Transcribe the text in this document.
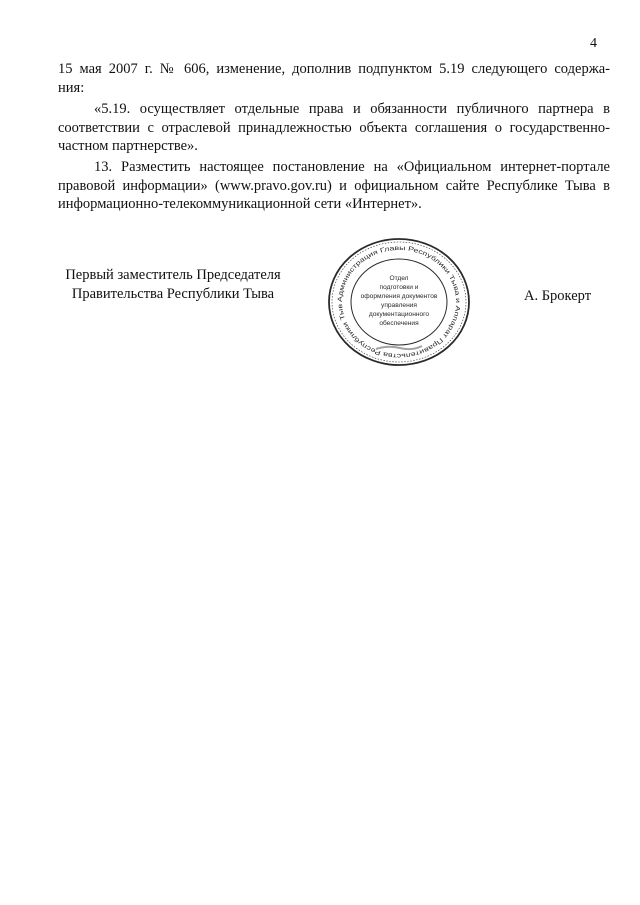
4
15 мая 2007 г. № 606, изменение, дополнив подпунктом 5.19 следующего содержа-
ния:
«5.19. осуществляет отдельные права и обязанности публичного партнера в
соответствии с отраслевой принадлежностью объекта соглашения о государственно-
частном партнерстве».
13. Разместить настоящее постановление на «Официальном интернет-портале
правовой информации» (www.pravo.gov.ru) и официальном сайте Республике Тыва в
информационно-телекоммуникационной сети «Интернет».
Первый заместитель Председателя
Правительства Республики Тыва	Администрация Главы Республики Тыва и Аппарат Правительства Республики Тыв
Отдел
подготовки и
оформления документов
управления
документационного
обеспечения
А. Брокерт
